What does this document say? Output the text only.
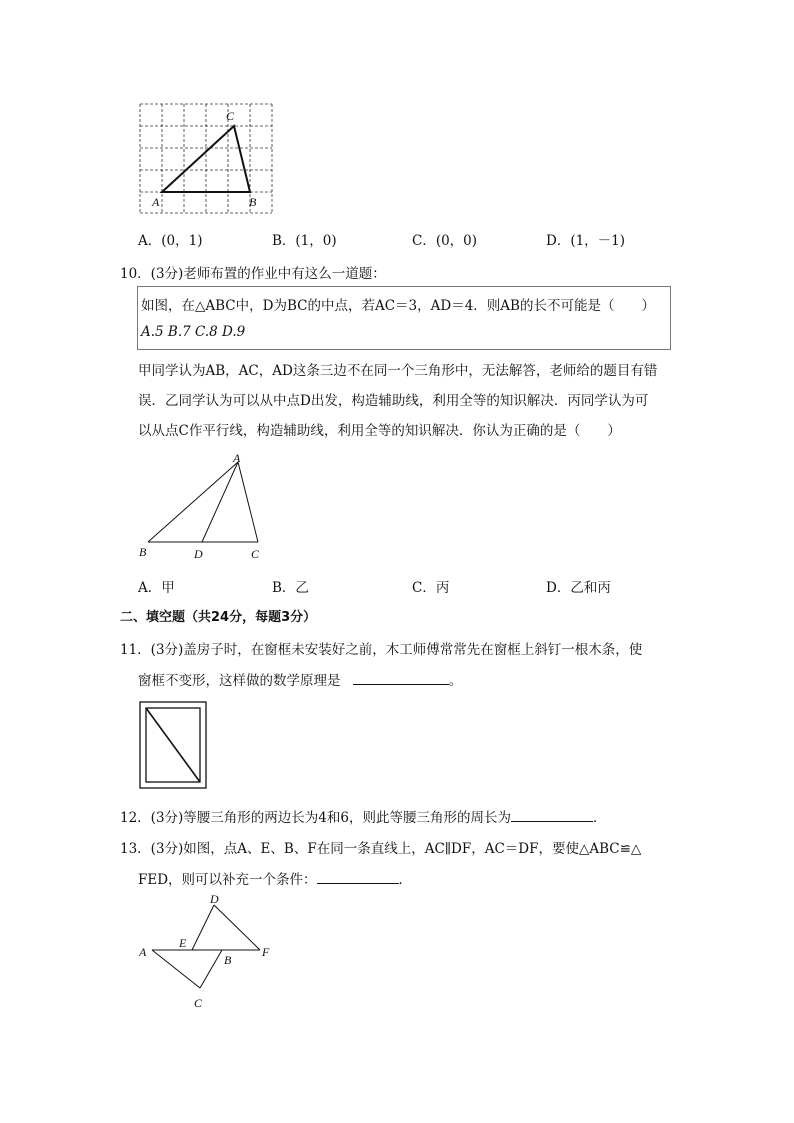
A	B
C
A．(0，1)	B．(1，0)	C．(0，0)	D．(1，－1)
10．(3分)老师布置的作业中有这么一道题：
如图，在△ABC中，D为BC的中点，若AC＝3，AD＝4．则AB的长不可能是（　　）
A.5 B.7 C.8 D.9
甲同学认为AB，AC，AD这条三边不在同一个三角形中，无法解答，老师给的题目有错
误．乙同学认为可以从中点D出发，构造辅助线，利用全等的知识解决．丙同学认为可
以从点C作平行线，构造辅助线，利用全等的知识解决．你认为正确的是（　　）
A
B	D	C
A．甲	B．乙	C．丙	D．乙和丙
二、填空题（共24分，每题3分）
11．(3分)盖房子时，在窗框未安装好之前，木工师傅常常先在窗框上斜钉一根木条，使
窗框不变形，这样做的数学原理是	。
12．(3分)等腰三角形的两边长为4和6，则此等腰三角形的周长为	．
13．(3分)如图，点A、E、B、F在同一条直线上，AC∥DF，AC＝DF，要使△ABC≌△
FED，则可以补充一个条件：	．
A
E
B
F
D
C
